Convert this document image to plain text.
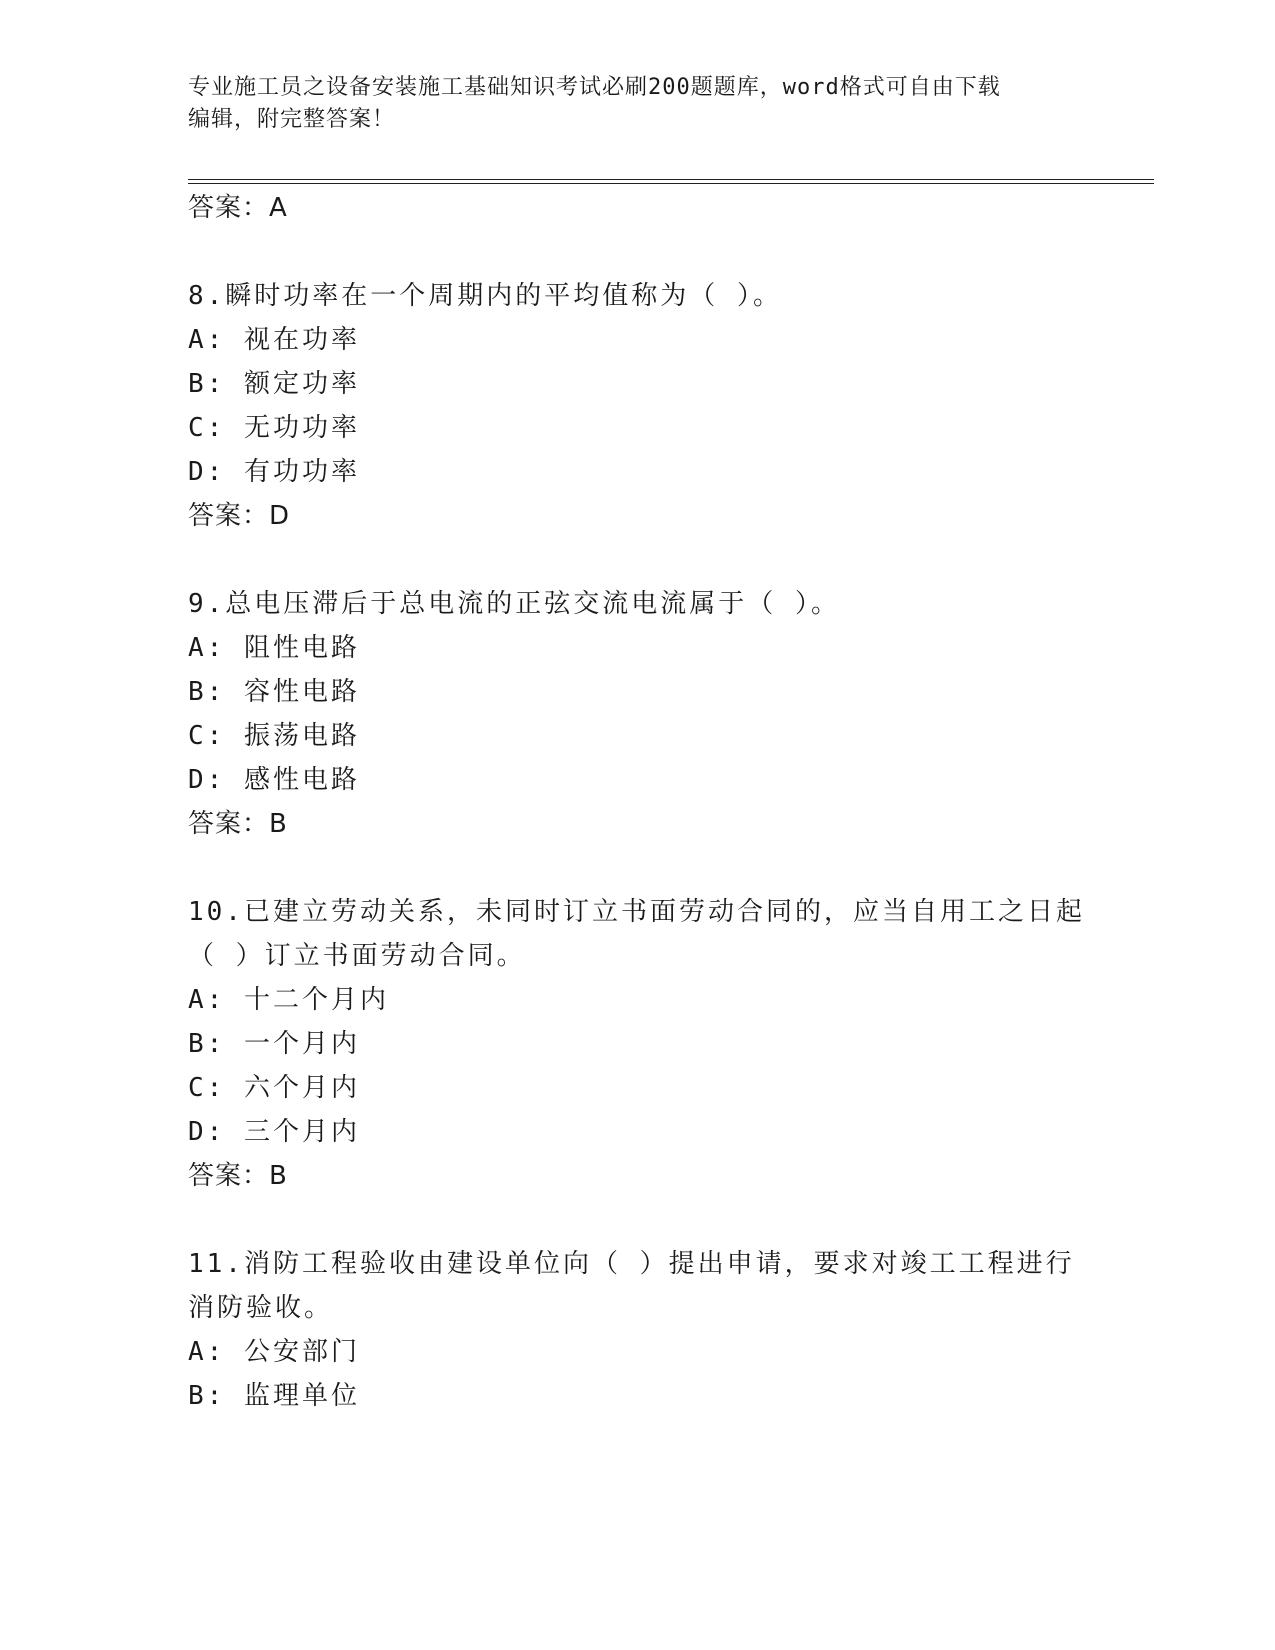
专业施工员之设备安装施工基础知识考试必刷200题题库，word格式可自由下载
编辑，附完整答案！
答案：A
8.瞬时功率在一个周期内的平均值称为（ ）。
A: 视在功率
B: 额定功率
C: 无功功率
D: 有功功率
答案：D
9.总电压滞后于总电流的正弦交流电流属于（ ）。
A: 阻性电路
B: 容性电路
C: 振荡电路
D: 感性电路
答案：B
10.已建立劳动关系，未同时订立书面劳动合同的，应当自用工之日起
（ ）订立书面劳动合同。
A: 十二个月内
B: 一个月内
C: 六个月内
D: 三个月内
答案：B
11.消防工程验收由建设单位向（ ）提出申请，要求对竣工工程进行
消防验收。
A: 公安部门
B: 监理单位
